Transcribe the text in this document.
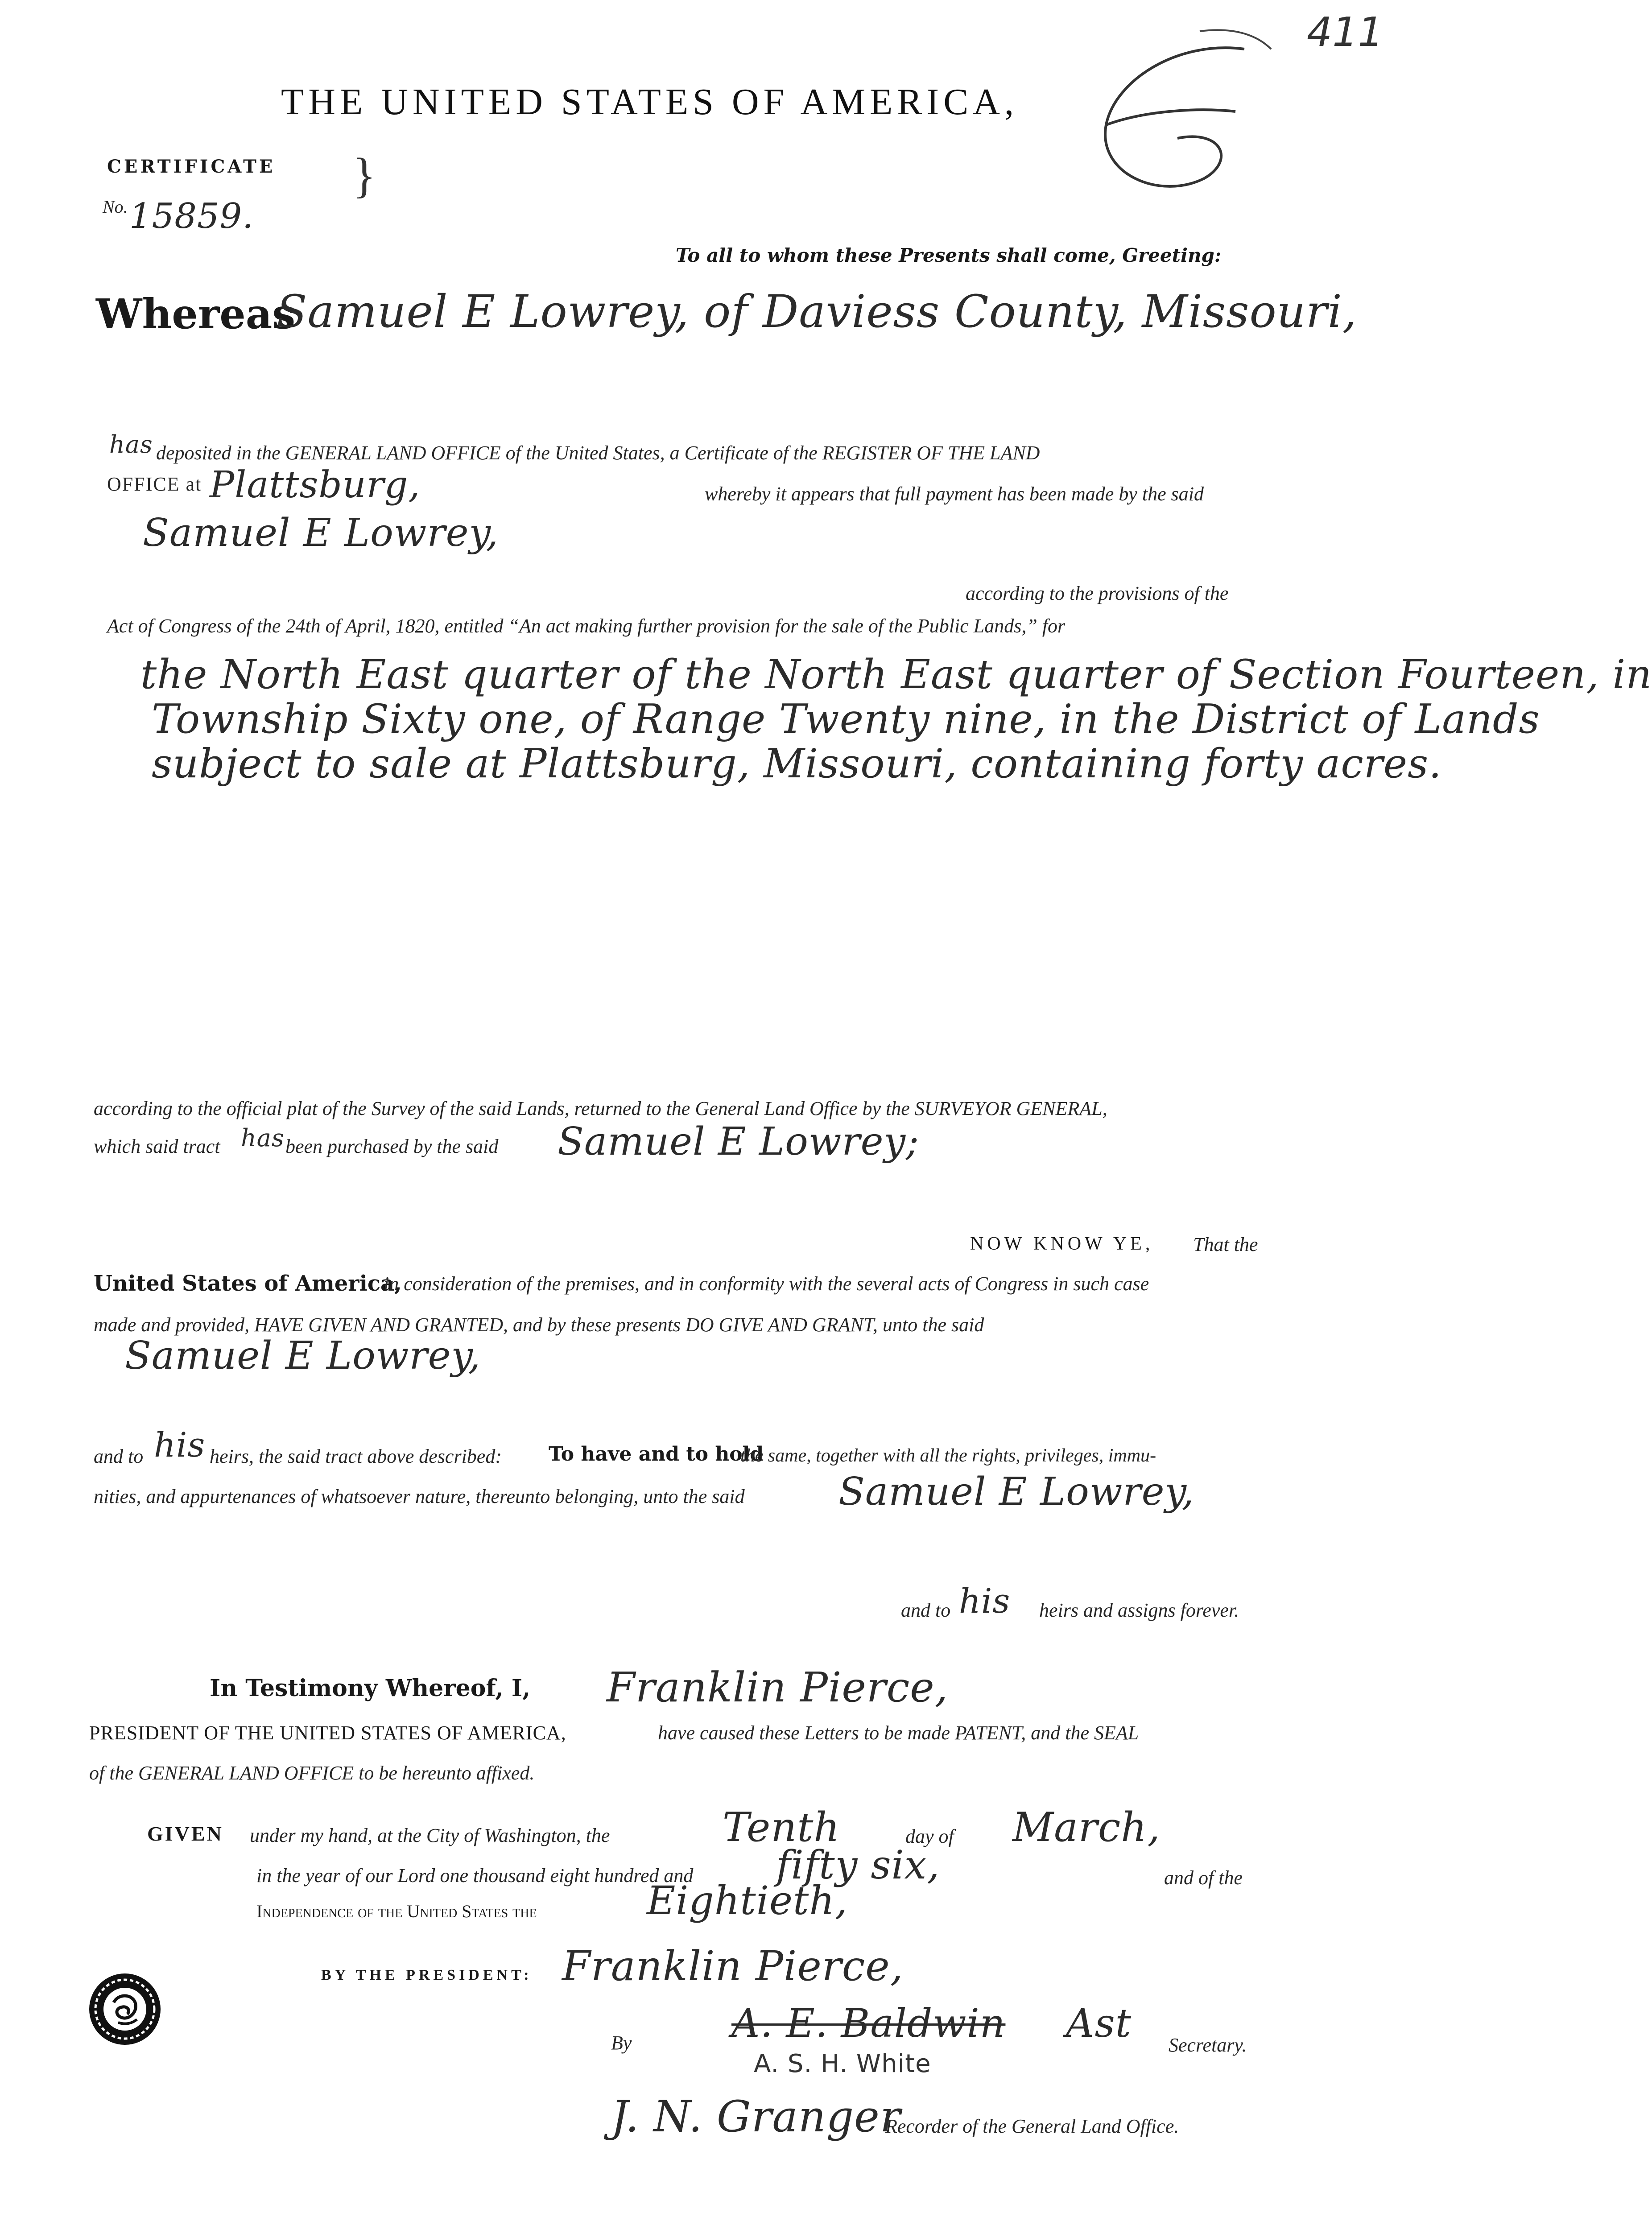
411
THE UNITED STATES OF AMERICA,
CERTIFICATE }
No. 15859.
To all to whom these Presents shall come, Greeting:
Whereas
Samuel E Lowrey, of Daviess County, Missouri,
has deposited in the GENERAL LAND OFFICE of the United States, a Certificate of the REGISTER OF THE LAND
OFFICE at Plattsburg,	whereby it appears that full payment has been made by the said
Samuel E Lowrey,
according to the provisions of the
Act of Congress of the 24th of April, 1820, entitled “An act making further provision for the sale of the Public Lands,” for
the North East quarter of the North East quarter of Section Fourteen, in
Township Sixty one, of Range Twenty nine, in the District of Lands
subject to sale at Plattsburg, Missouri, containing forty acres.
according to the official plat of the Survey of the said Lands, returned to the General Land Office by the SURVEYOR GENERAL,
which said tract has been purchased by the said Samuel E Lowrey;
NOW KNOW YE, That the
United States of America,
in consideration of the premises, and in conformity with the several acts of Congress in such case
made and provided, HAVE GIVEN AND GRANTED, and by these presents DO GIVE AND GRANT, unto the said
Samuel E Lowrey,
and to his heirs, the said tract above described: To have and to hold
the same, together with all the rights, privileges, immu-
nities, and appurtenances of whatsoever nature, thereunto belonging, unto the said Samuel E Lowrey,
and to his heirs and assigns forever.
In Testimony Whereof, I, Franklin Pierce,
PRESIDENT OF THE UNITED STATES OF AMERICA,	have caused these Letters to be made PATENT, and the SEAL
of the GENERAL LAND OFFICE to be hereunto affixed.
GIVEN under my hand, at the City of Washington, the	Tenth	day of March,
in the year of our Lord one thousand eight hundred and fifty six,	and of the
Independence of the United States the	Eightieth,
BY THE PRESIDENT: Franklin Pierce,
By	A. E. Baldwin Ast Secretary.
A. S. H. White
J. N. Granger
Recorder of the General Land Office.
